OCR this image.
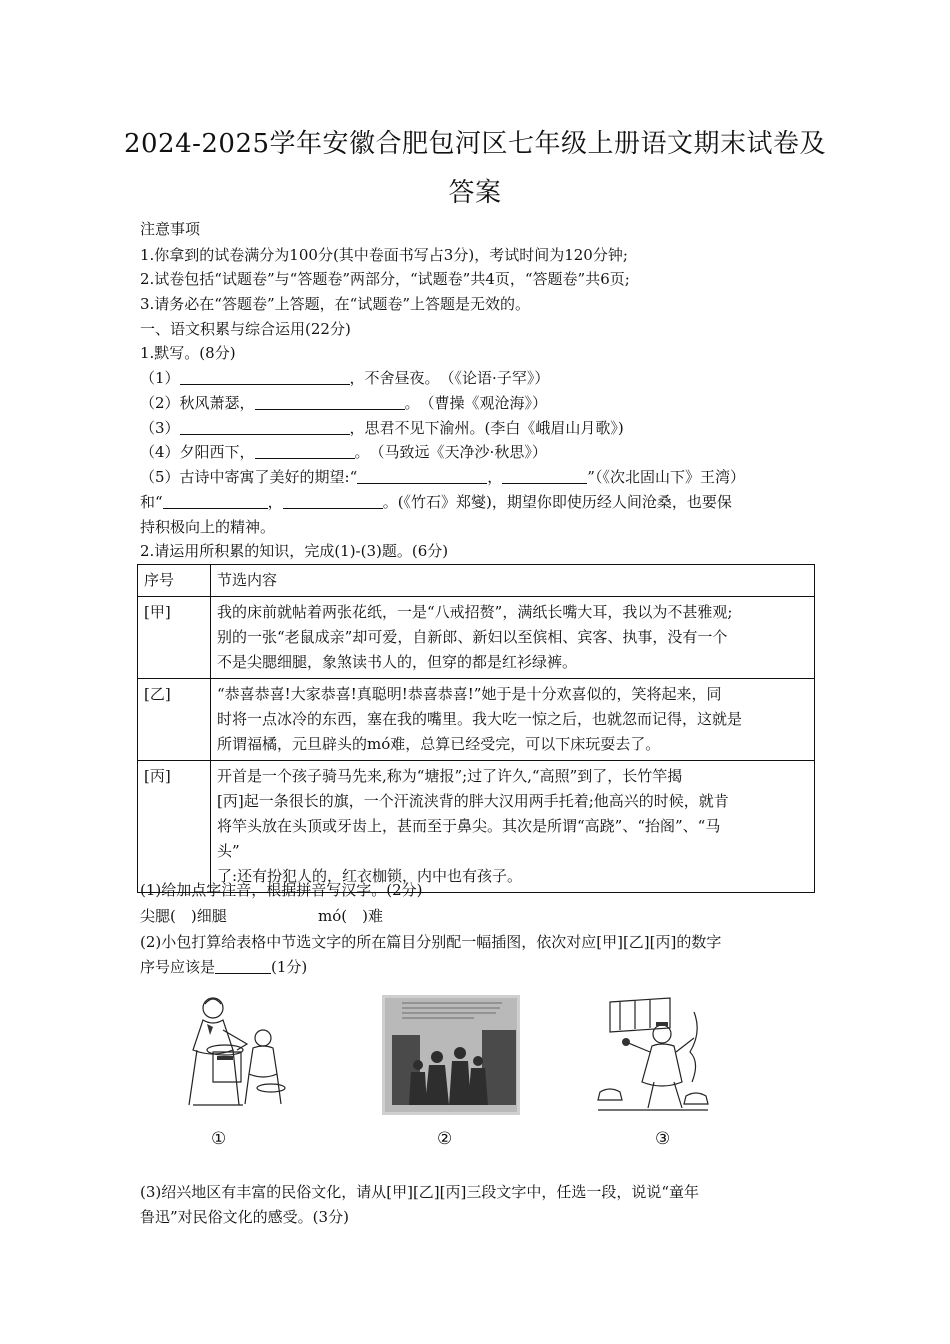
2024-2025学年安徽合肥包河区七年级上册语文期末试卷及
答案
注意事项
1.你拿到的试卷满分为100分(其中卷面书写占3分)，考试时间为120分钟;
2.试卷包括“试题卷”与“答题卷”两部分，“试题卷”共4页，“答题卷”共6页;
3.请务必在“答题卷”上答题，在“试题卷”上答题是无效的。
一、语文积累与综合运用(22分)
1.默写。(8分)
（1）	，不舍昼夜。　（《论语·子罕》）
（2）秋风萧瑟，	。　（曹操《观沧海》）
（3）	，思君不见下渝州。(李白《峨眉山月歌》)
（4）夕阳西下，	。　（马致远《天净沙·秋思》）
（5）古诗中寄寓了美好的期望:“	，	”（《次北固山下》王湾）
和“	，	。(《竹石》郑燮)，期望你即使历经人间沧桑，也要保
持积极向上的精神。
2.请运用所积累的知识，完成(1)-(3)题。(6分)
序号	节选内容
[甲]	我的床前就帖着两张花纸，一是“八戒招赘”，满纸长嘴大耳，我以为不甚雅观;
别的一张“老鼠成亲”却可爱，自新郎、新妇以至傧相、宾客、执事，没有一个
不是尖腮细腿，象煞读书人的，但穿的都是红衫绿裤。

[乙]	“恭喜恭喜!大家恭喜!真聪明!恭喜恭喜!”她于是十分欢喜似的，笑将起来，同
时将一点冰冷的东西，塞在我的嘴里。我大吃一惊之后，也就忽而记得，这就是
所谓福橘，元旦辟头的mó难，总算已经受完，可以下床玩耍去了。

[丙]	开首是一个孩子骑马先来,称为“塘报”;过了许久,“高照”到了，长竹竿揭
[丙]起一条很长的旗，一个汗流浃背的胖大汉用两手托着;他高兴的时候，就肯
将竿头放在头顶或牙齿上，甚而至于鼻尖。其次是所谓“高跷”、“抬阁”、“马
头”
了:还有扮犯人的，红衣枷锁，内中也有孩子。
(1)给加点字注音，根据拼音写汉字。(2分)
尖腮(　)细腿	mó(　)难
(2)小包打算给表格中节选文字的所在篇目分别配一幅插图，依次对应[甲][乙][丙]的数字
序号应该是	(1分)
①	②	③
(3)绍兴地区有丰富的民俗文化，请从[甲][乙][丙]三段文字中，任选一段，说说“童年
鲁迅”对民俗文化的感受。(3分)
